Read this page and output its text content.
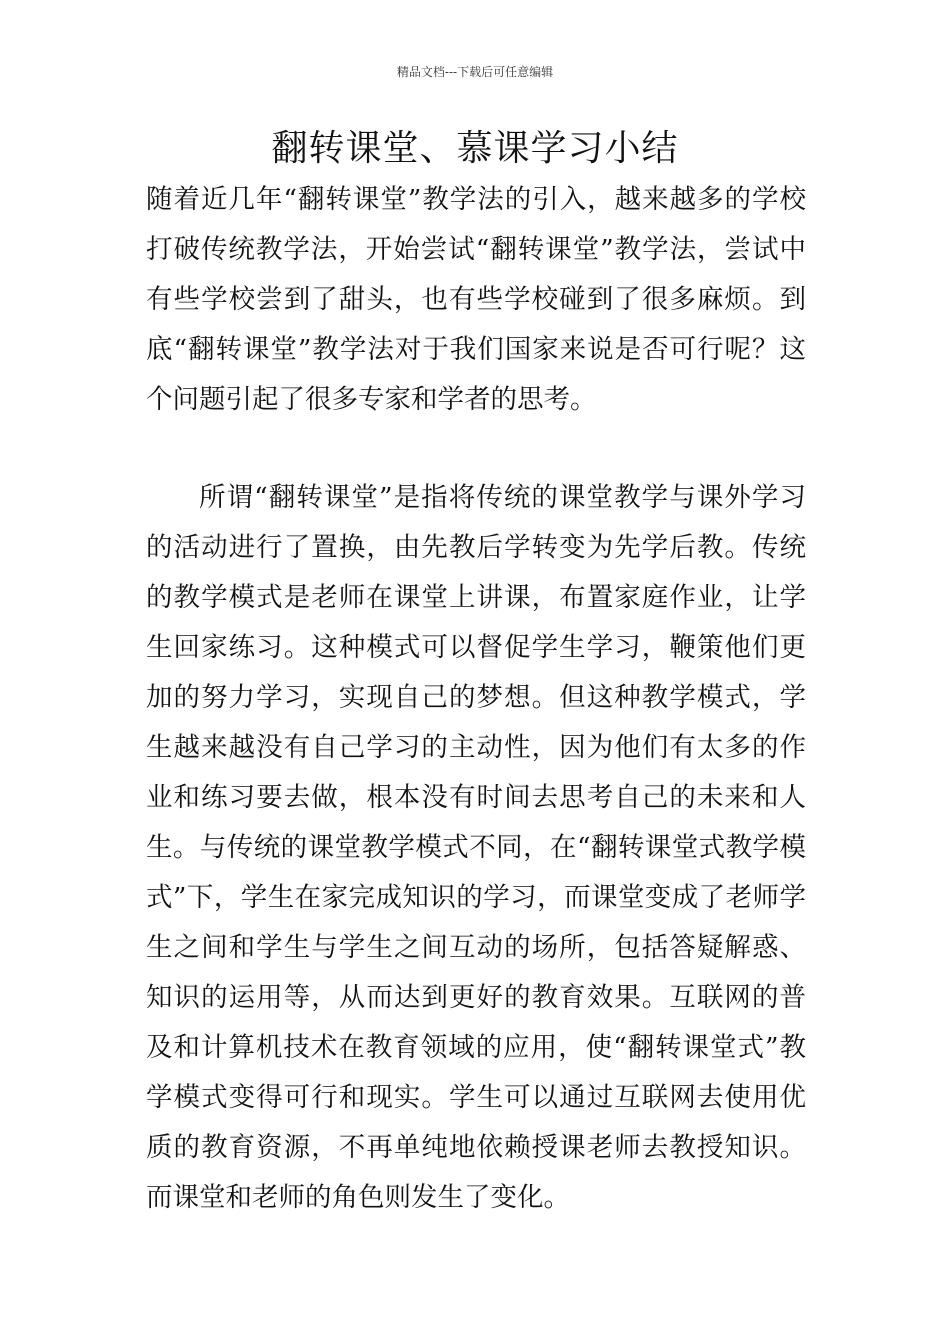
精品文档---下载后可任意编辑
翻转课堂、慕课学习小结

随着近几年“翻转课堂”教学法的引入，越来越多的学校打破传统教学法，开始尝试“翻转课堂”教学法，尝试中有些学校尝到了甜头，也有些学校碰到了很多麻烦。到底“翻转课堂”教学法对于我们国家来说是否可行呢？这个问题引起了很多专家和学者的思考。

所谓“翻转课堂”是指将传统的课堂教学与课外学习的活动进行了置换，由先教后学转变为先学后教。传统的教学模式是老师在课堂上讲课，布置家庭作业，让学生回家练习。这种模式可以督促学生学习，鞭策他们更加的努力学习，实现自己的梦想。但这种教学模式，学生越来越没有自己学习的主动性，因为他们有太多的作业和练习要去做，根本没有时间去思考自己的未来和人生。与传统的课堂教学模式不同，在“翻转课堂式教学模式”下，学生在家完成知识的学习，而课堂变成了老师学生之间和学生与学生之间互动的场所，包括答疑解惑、知识的运用等，从而达到更好的教育效果。互联网的普及和计算机技术在教育领域的应用，使“翻转课堂式”教学模式变得可行和现实。学生可以通过互联网去使用优质的教育资源，不再单纯地依赖授课老师去教授知识。而课堂和老师的角色则发生了变化。
